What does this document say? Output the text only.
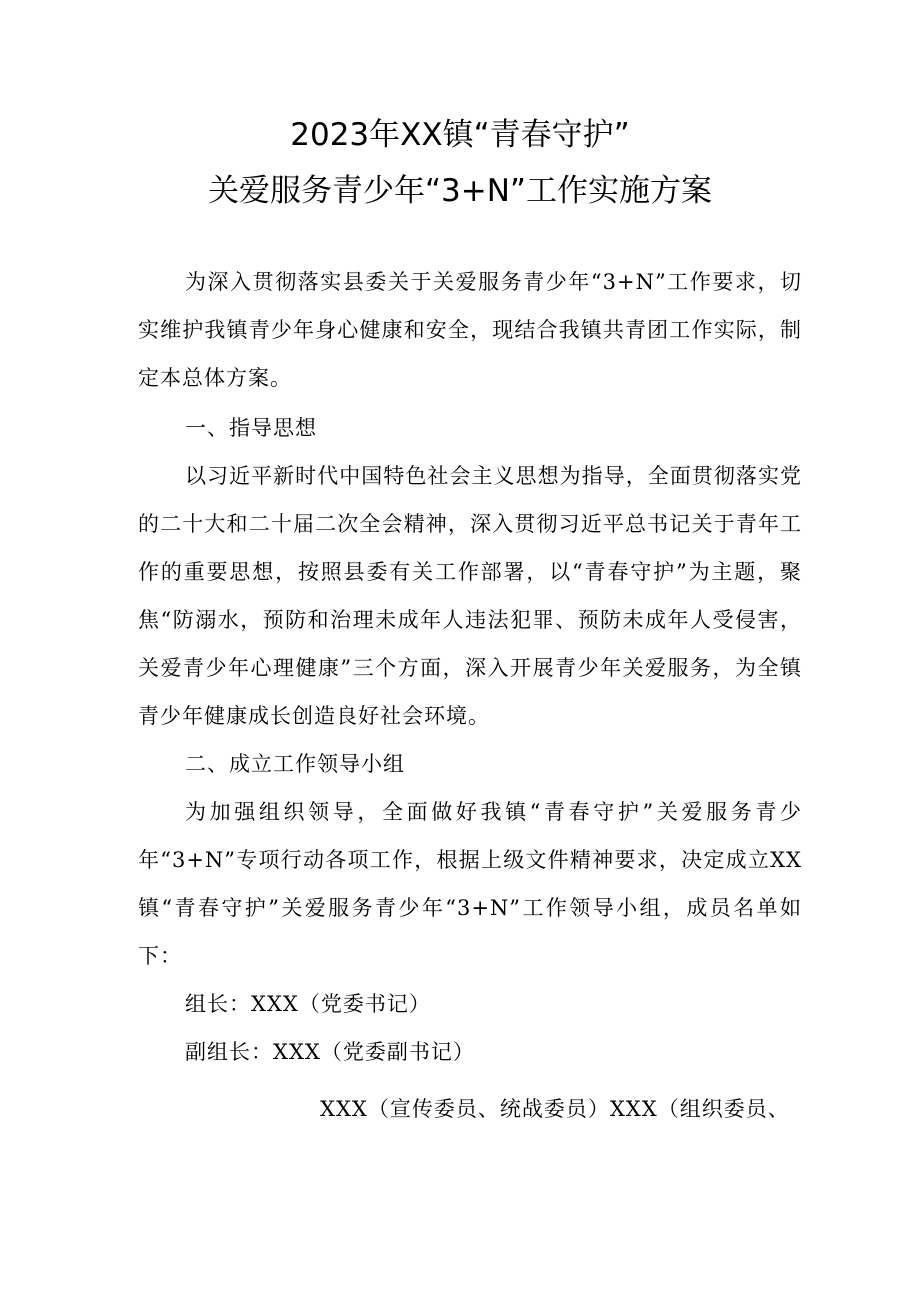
2023年XX镇“青春守护”
关爱服务青少年“3+N”工作实施方案

为深入贯彻落实县委关于关爱服务青少年“3+N”工作要求，切实维护我镇青少年身心健康和安全，现结合我镇共青团工作实际，制定本总体方案。

一、指导思想

以习近平新时代中国特色社会主义思想为指导，全面贯彻落实党的二十大和二十届二次全会精神，深入贯彻习近平总书记关于青年工作的重要思想，按照县委有关工作部署，以“青春守护”为主题，聚焦“防溺水，预防和治理未成年人违法犯罪、预防未成年人受侵害，关爱青少年心理健康”三个方面，深入开展青少年关爱服务，为全镇青少年健康成长创造良好社会环境。

二、成立工作领导小组

为加强组织领导，全面做好我镇“青春守护”关爱服务青少年“3+N”专项行动各项工作，根据上级文件精神要求，决定成立XX镇“青春守护”关爱服务青少年“3+N”工作领导小组，成员名单如下：

组长：XXX（党委书记）

副组长：XXX（党委副书记）

XXX（宣传委员、统战委员）XXX（组织委员、
